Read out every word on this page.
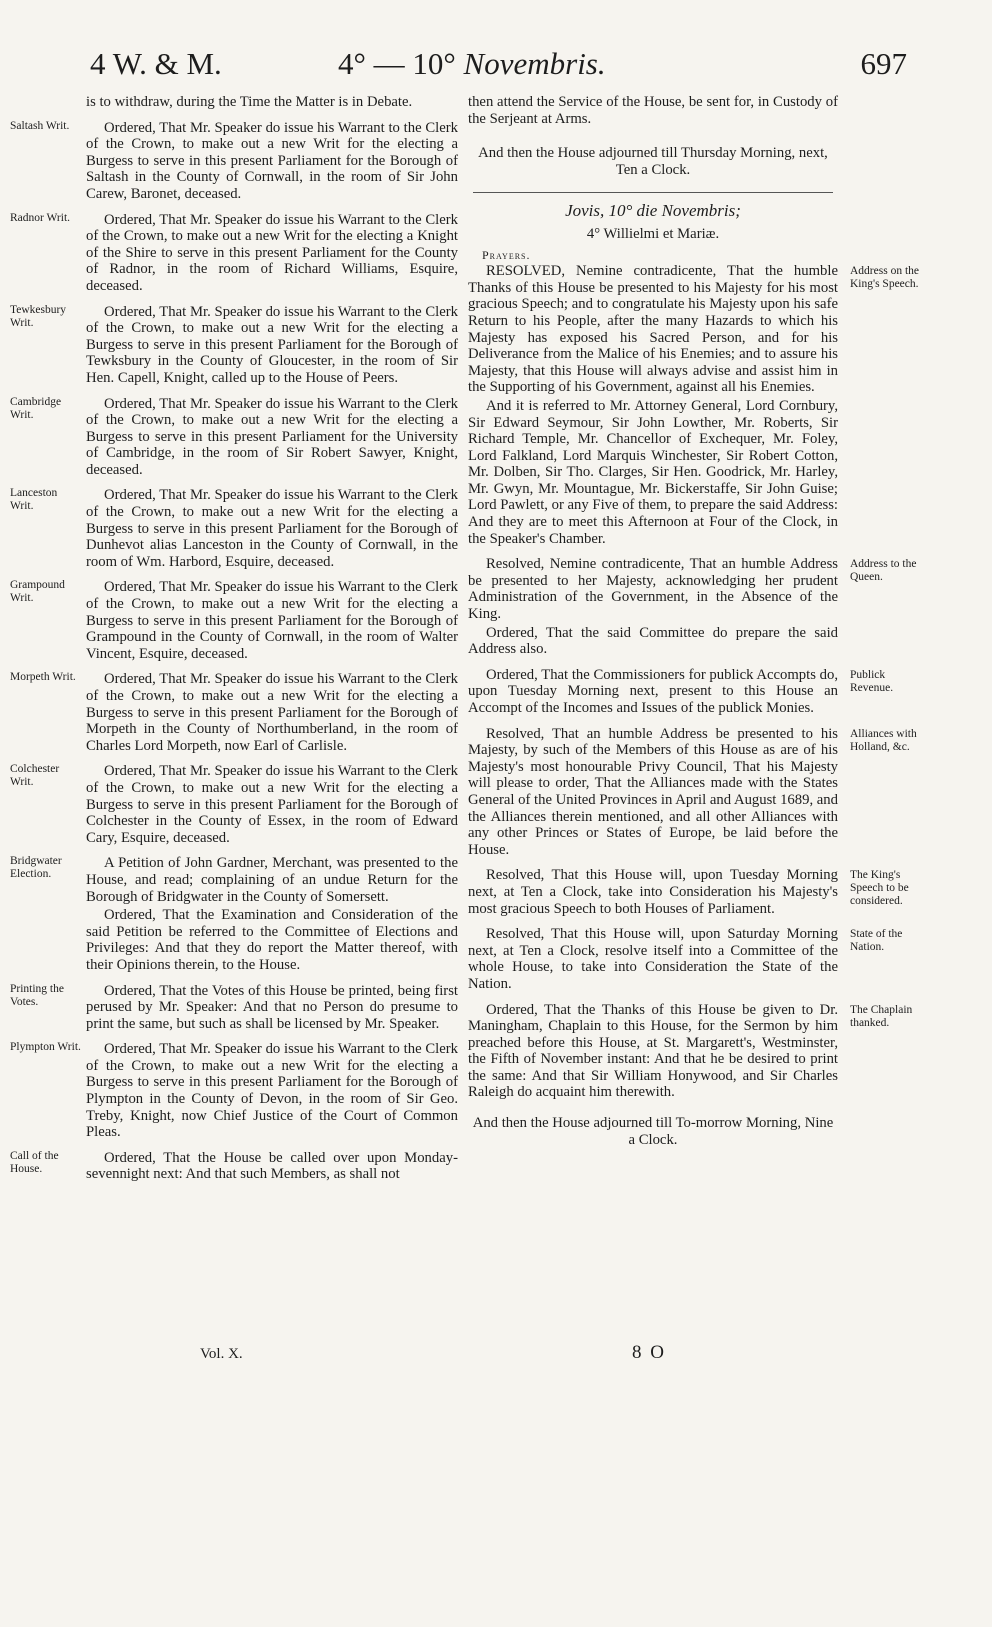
4 W. & M.	4° — 10° Novembris.	697

is to withdraw, during the Time the Matter is in Debate.

Saltash Writ.	Ordered, That Mr. Speaker do issue his Warrant to the Clerk of the Crown, to make out a new Writ for the electing a Burgess to serve in this present Parliament for the Borough of Saltash in the County of Cornwall, in the room of Sir John Carew, Baronet, deceased.

Radnor Writ.	Ordered, That Mr. Speaker do issue his Warrant to the Clerk of the Crown, to make out a new Writ for the electing a Knight of the Shire to serve in this present Parliament for the County of Radnor, in the room of Richard Williams, Esquire, deceased.

Tewkesbury Writ.

Ordered, That Mr. Speaker do issue his Warrant to the Clerk of the Crown, to make out a new Writ for the electing a Burgess to serve in this present Parliament for the Borough of Tewksbury in the County of Gloucester, in the room of Sir Hen. Capell, Knight, called up to the House of Peers.

Cambridge Writ.

Ordered, That Mr. Speaker do issue his Warrant to the Clerk of the Crown, to make out a new Writ for the electing a Burgess to serve in this present Parliament for the University of Cambridge, in the room of Sir Robert Sawyer, Knight, deceased.

Lanceston Writ.

Ordered, That Mr. Speaker do issue his Warrant to the Clerk of the Crown, to make out a new Writ for the electing a Burgess to serve in this present Parliament for the Borough of Dunhevot alias Lanceston in the County of Cornwall, in the room of Wm. Harbord, Esquire, deceased.

Grampound Writ.

Ordered, That Mr. Speaker do issue his Warrant to the Clerk of the Crown, to make out a new Writ for the electing a Burgess to serve in this present Parliament for the Borough of Grampound in the County of Cornwall, in the room of Walter Vincent, Esquire, deceased.

Morpeth Writ.	Ordered, That Mr. Speaker do issue his Warrant to the Clerk of the Crown, to make out a new Writ for the electing a Burgess to serve in this present Parliament for the Borough of Morpeth in the County of Northumberland, in the room of Charles Lord Morpeth, now Earl of Carlisle.

Colchester Writ.

Ordered, That Mr. Speaker do issue his Warrant to the Clerk of the Crown, to make out a new Writ for the electing a Burgess to serve in this present Parliament for the Borough of Colchester in the County of Essex, in the room of Edward Cary, Esquire, deceased.

Bridgwater Election.

A Petition of John Gardner, Merchant, was presented to the House, and read; complaining of an undue Return for the Borough of Bridgwater in the County of Somersett.

Ordered, That the Examination and Consideration of the said Petition be referred to the Committee of Elections and Privileges: And that they do report the Matter thereof, with their Opinions therein, to the House.

Printing the Votes.

Ordered, That the Votes of this House be printed, being first perused by Mr. Speaker: And that no Person do presume to print the same, but such as shall be licensed by Mr. Speaker.

Plympton Writ.	Ordered, That Mr. Speaker do issue his Warrant to the Clerk of the Crown, to make out a new Writ for the electing a Burgess to serve in this present Parliament for the Borough of Plympton in the County of Devon, in the room of Sir Geo. Treby, Knight, now Chief Justice of the Court of Common Pleas.

Call of the House.

Ordered, That the House be called over upon Monday-sevennight next: And that such Members, as shall not

then attend the Service of the House, be sent for, in Custody of the Serjeant at Arms.

And then the House adjourned till Thursday Morning, next, Ten a Clock.

Jovis, 10° die Novembris;

4° Willielmi et Mariæ.

Prayers.

Address on the King's Speech.

RESOLVED, Nemine contradicente, That the humble Thanks of this House be presented to his Majesty for his most gracious Speech; and to congratulate his Majesty upon his safe Return to his People, after the many Hazards to which his Majesty has exposed his Sacred Person, and for his Deliverance from the Malice of his Enemies; and to assure his Majesty, that this House will always advise and assist him in the Supporting of his Government, against all his Enemies.

And it is referred to Mr. Attorney General, Lord Cornbury, Sir Edward Seymour, Sir John Lowther, Mr. Roberts, Sir Richard Temple, Mr. Chancellor of Exchequer, Mr. Foley, Lord Falkland, Lord Marquis Winchester, Sir Robert Cotton, Mr. Dolben, Sir Tho. Clarges, Sir Hen. Goodrick, Mr. Harley, Mr. Gwyn, Mr. Mountague, Mr. Bickerstaffe, Sir John Guise; Lord Pawlett, or any Five of them, to prepare the said Address: And they are to meet this Afternoon at Four of the Clock, in the Speaker's Chamber.

Address to the Queen.

Resolved, Nemine contradicente, That an humble Address be presented to her Majesty, acknowledging her prudent Administration of the Government, in the Absence of the King.

Ordered, That the said Committee do prepare the said Address also.

Publick Revenue.

Ordered, That the Commissioners for publick Accompts do, upon Tuesday Morning next, present to this House an Accompt of the Incomes and Issues of the publick Monies.

Alliances with Holland, &c.

Resolved, That an humble Address be presented to his Majesty, by such of the Members of this House as are of his Majesty's most honourable Privy Council, That his Majesty will please to order, That the Alliances made with the States General of the United Provinces in April and August 1689, and the Alliances therein mentioned, and all other Alliances with any other Princes or States of Europe, be laid before the House.

The King's Speech to be considered.

Resolved, That this House will, upon Tuesday Morning next, at Ten a Clock, take into Consideration his Majesty's most gracious Speech to both Houses of Parliament.

State of the Nation.

Resolved, That this House will, upon Saturday Morning next, at Ten a Clock, resolve itself into a Committee of the whole House, to take into Consideration the State of the Nation.

The Chaplain thanked.

Ordered, That the Thanks of this House be given to Dr. Maningham, Chaplain to this House, for the Sermon by him preached before this House, at St. Margarett's, Westminster, the Fifth of November instant: And that he be desired to print the same: And that Sir William Honywood, and Sir Charles Raleigh do acquaint him therewith.

And then the House adjourned till To-morrow Morning, Nine a Clock.

Vol. X.	8 O
